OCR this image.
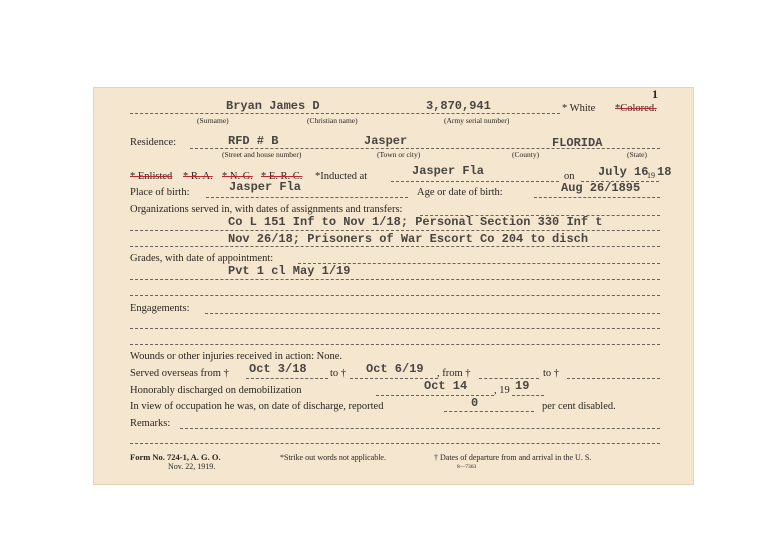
1
Bryan James D	3,870,941	* White *Colored.
(Surname)	(Christian name)	(Army serial number)
Residence:	RFD # B	Jasper	FLORIDA
(Street and house number)	(Town or city)	(County)	(State)
* Enlisted * R. A. * N. G. * E. R. C. *Inducted at	Jasper Fla	on July 16
19 18
Place of birth:	Jasper Fla	Age or date of birth:	Aug 26/1895
Organizations served in, with dates of assignments and transfers:
Co L 151 Inf to Nov 1/18; Personal Section 330 Inf t
Nov 26/18; Prisoners of War Escort Co 204 to disch
Grades, with date of appointment:
Pvt 1 cl May 1/19
Engagements:
Wounds or other injuries received in action: None.
Served overseas from † Oct 3/18 to † Oct 6/19 , from †	to †
Honorably discharged on demobilization	Oct 14	, 19 19
In view of occupation he was, on date of discharge, reported	0	per cent disabled.
Remarks:
Form No. 724-1, A. G. O.
Nov. 22, 1919.
*Strike out words not applicable.	† Dates of departure from and arrival in the U. S.
8—7363
